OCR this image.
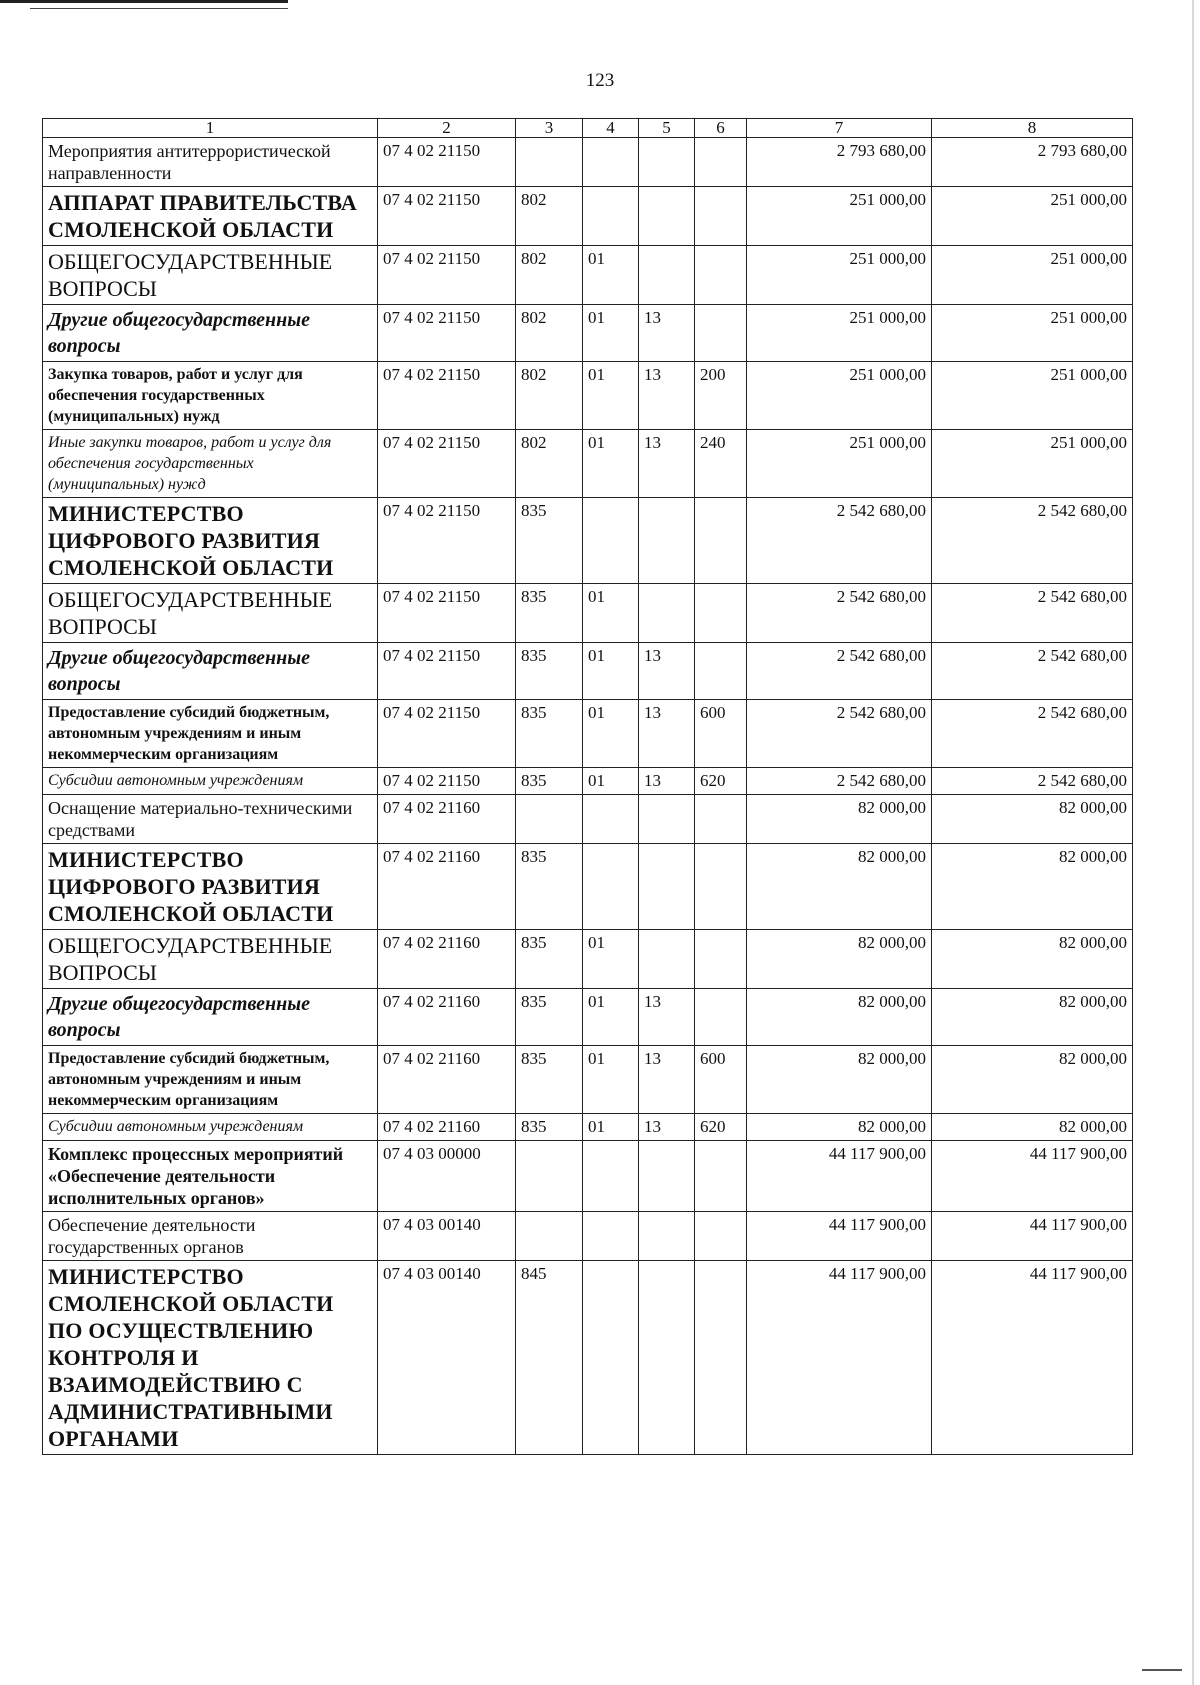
123
1	2	3	4	5	6	7	8
Мероприятия антитеррористической направленности	07 4 02 21150					2 793 680,00	2 793 680,00
АППАРАТ ПРАВИТЕЛЬСТВА СМОЛЕНСКОЙ ОБЛАСТИ	07 4 02 21150	802				251 000,00	251 000,00
ОБЩЕГОСУДАРСТВЕННЫЕ ВОПРОСЫ	07 4 02 21150	802	01			251 000,00	251 000,00
Другие общегосударственные вопросы	07 4 02 21150	802	01	13		251 000,00	251 000,00
Закупка товаров, работ и услуг для обеспечения государственных (муниципальных) нужд	07 4 02 21150	802	01	13	200	251 000,00	251 000,00
Иные закупки товаров, работ и услуг для обеспечения государственных (муниципальных) нужд	07 4 02 21150	802	01	13	240	251 000,00	251 000,00
МИНИСТЕРСТВО ЦИФРОВОГО РАЗВИТИЯ СМОЛЕНСКОЙ ОБЛАСТИ	07 4 02 21150	835				2 542 680,00	2 542 680,00
ОБЩЕГОСУДАРСТВЕННЫЕ ВОПРОСЫ	07 4 02 21150	835	01			2 542 680,00	2 542 680,00
Другие общегосударственные вопросы	07 4 02 21150	835	01	13		2 542 680,00	2 542 680,00
Предоставление субсидий бюджетным, автономным учреждениям и иным некоммерческим организациям	07 4 02 21150	835	01	13	600	2 542 680,00	2 542 680,00
Субсидии автономным учреждениям	07 4 02 21150	835	01	13	620	2 542 680,00	2 542 680,00
Оснащение материально-техническими средствами	07 4 02 21160					82 000,00	82 000,00
МИНИСТЕРСТВО ЦИФРОВОГО РАЗВИТИЯ СМОЛЕНСКОЙ ОБЛАСТИ	07 4 02 21160	835				82 000,00	82 000,00
ОБЩЕГОСУДАРСТВЕННЫЕ ВОПРОСЫ	07 4 02 21160	835	01			82 000,00	82 000,00
Другие общегосударственные вопросы	07 4 02 21160	835	01	13		82 000,00	82 000,00
Предоставление субсидий бюджетным, автономным учреждениям и иным некоммерческим организациям	07 4 02 21160	835	01	13	600	82 000,00	82 000,00
Субсидии автономным учреждениям	07 4 02 21160	835	01	13	620	82 000,00	82 000,00
Комплекс процессных мероприятий «Обеспечение деятельности исполнительных органов»	07 4 03 00000					44 117 900,00	44 117 900,00
Обеспечение деятельности государственных органов	07 4 03 00140					44 117 900,00	44 117 900,00
МИНИСТЕРСТВО СМОЛЕНСКОЙ ОБЛАСТИ ПО ОСУЩЕСТВЛЕНИЮ КОНТРОЛЯ И ВЗАИМОДЕЙСТВИЮ С АДМИНИСТРАТИВНЫМИ ОРГАНАМИ	07 4 03 00140	845				44 117 900,00	44 117 900,00
